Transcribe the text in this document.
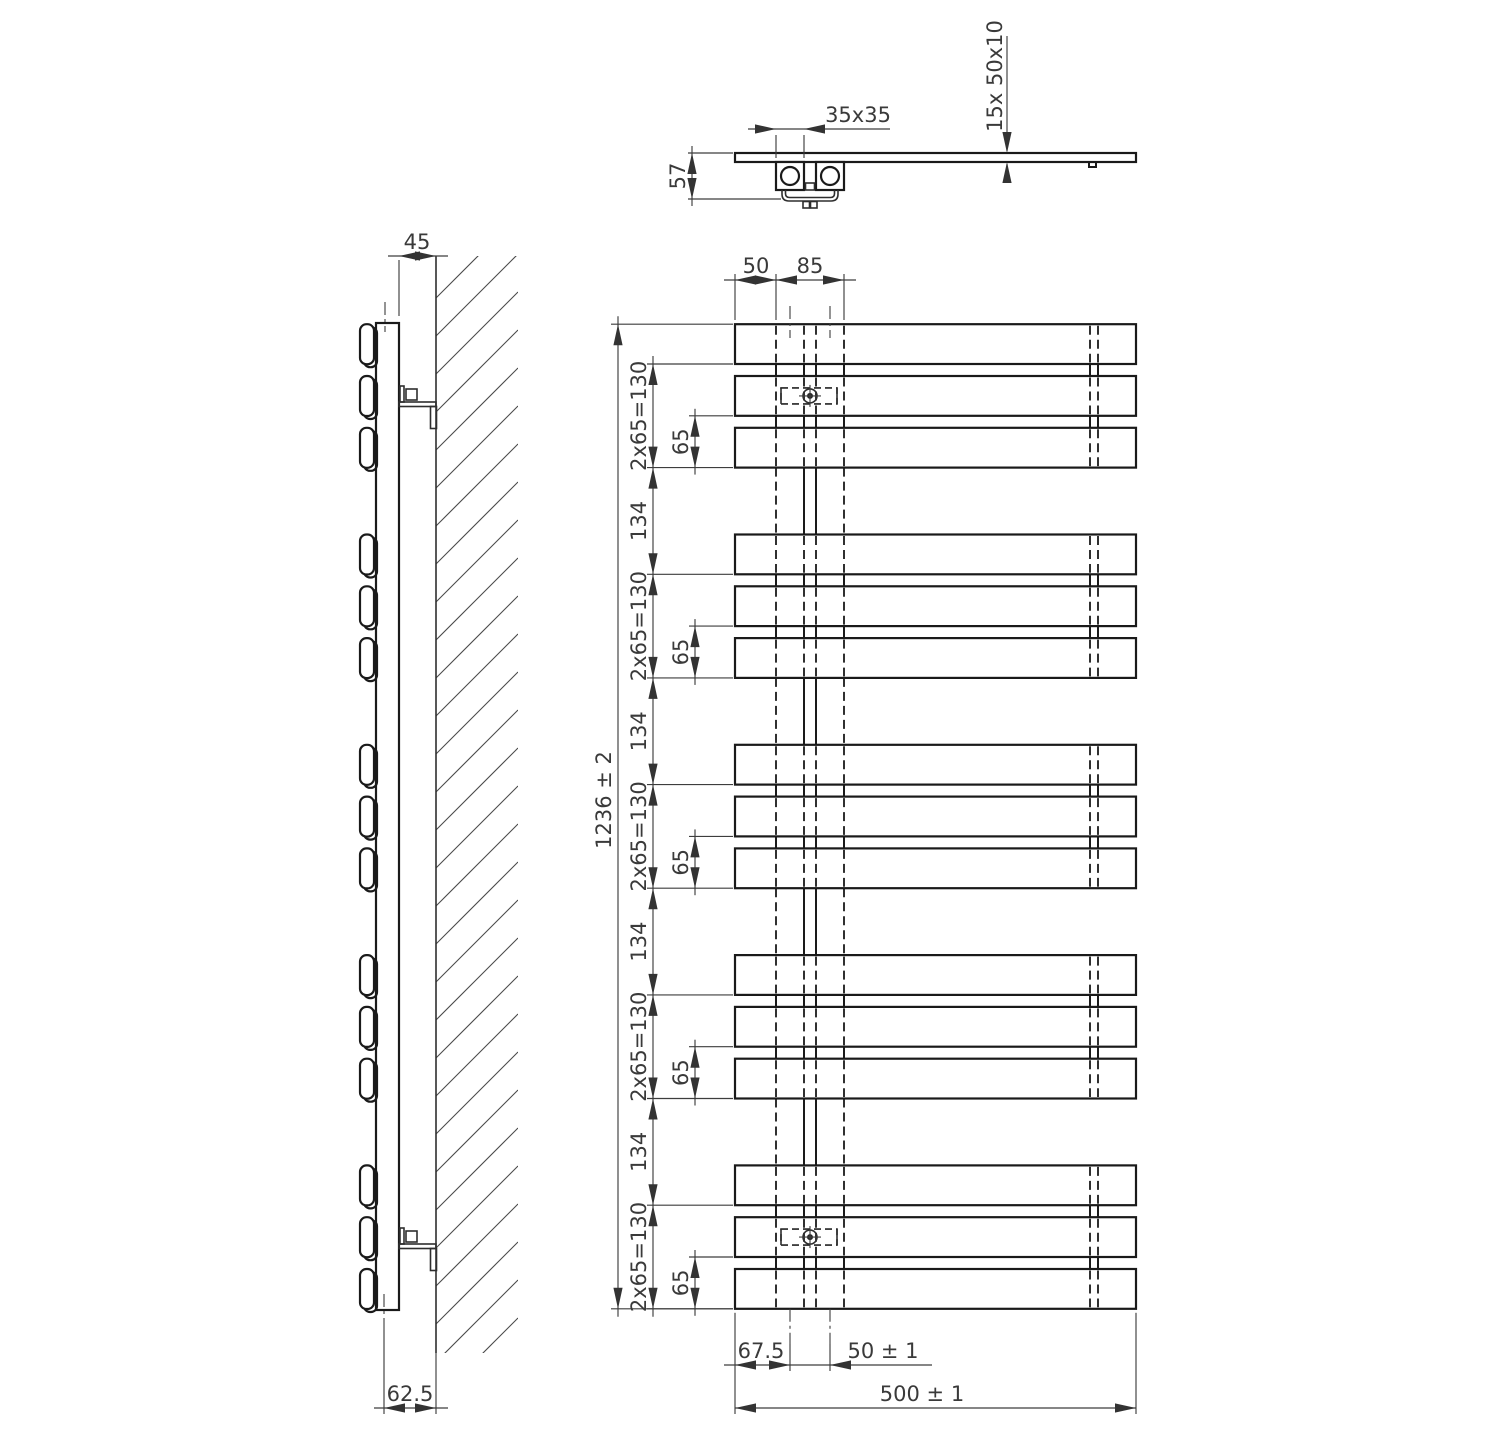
45
62.5
35x35
57
15x 50x10
50 85
1236 ± 2
2x65=130
134
2x65=130
134
2x65=130
134
2x65=130
134
2x65=130
65
65
65
65
65
67.5	50 ± 1
500 ± 1
